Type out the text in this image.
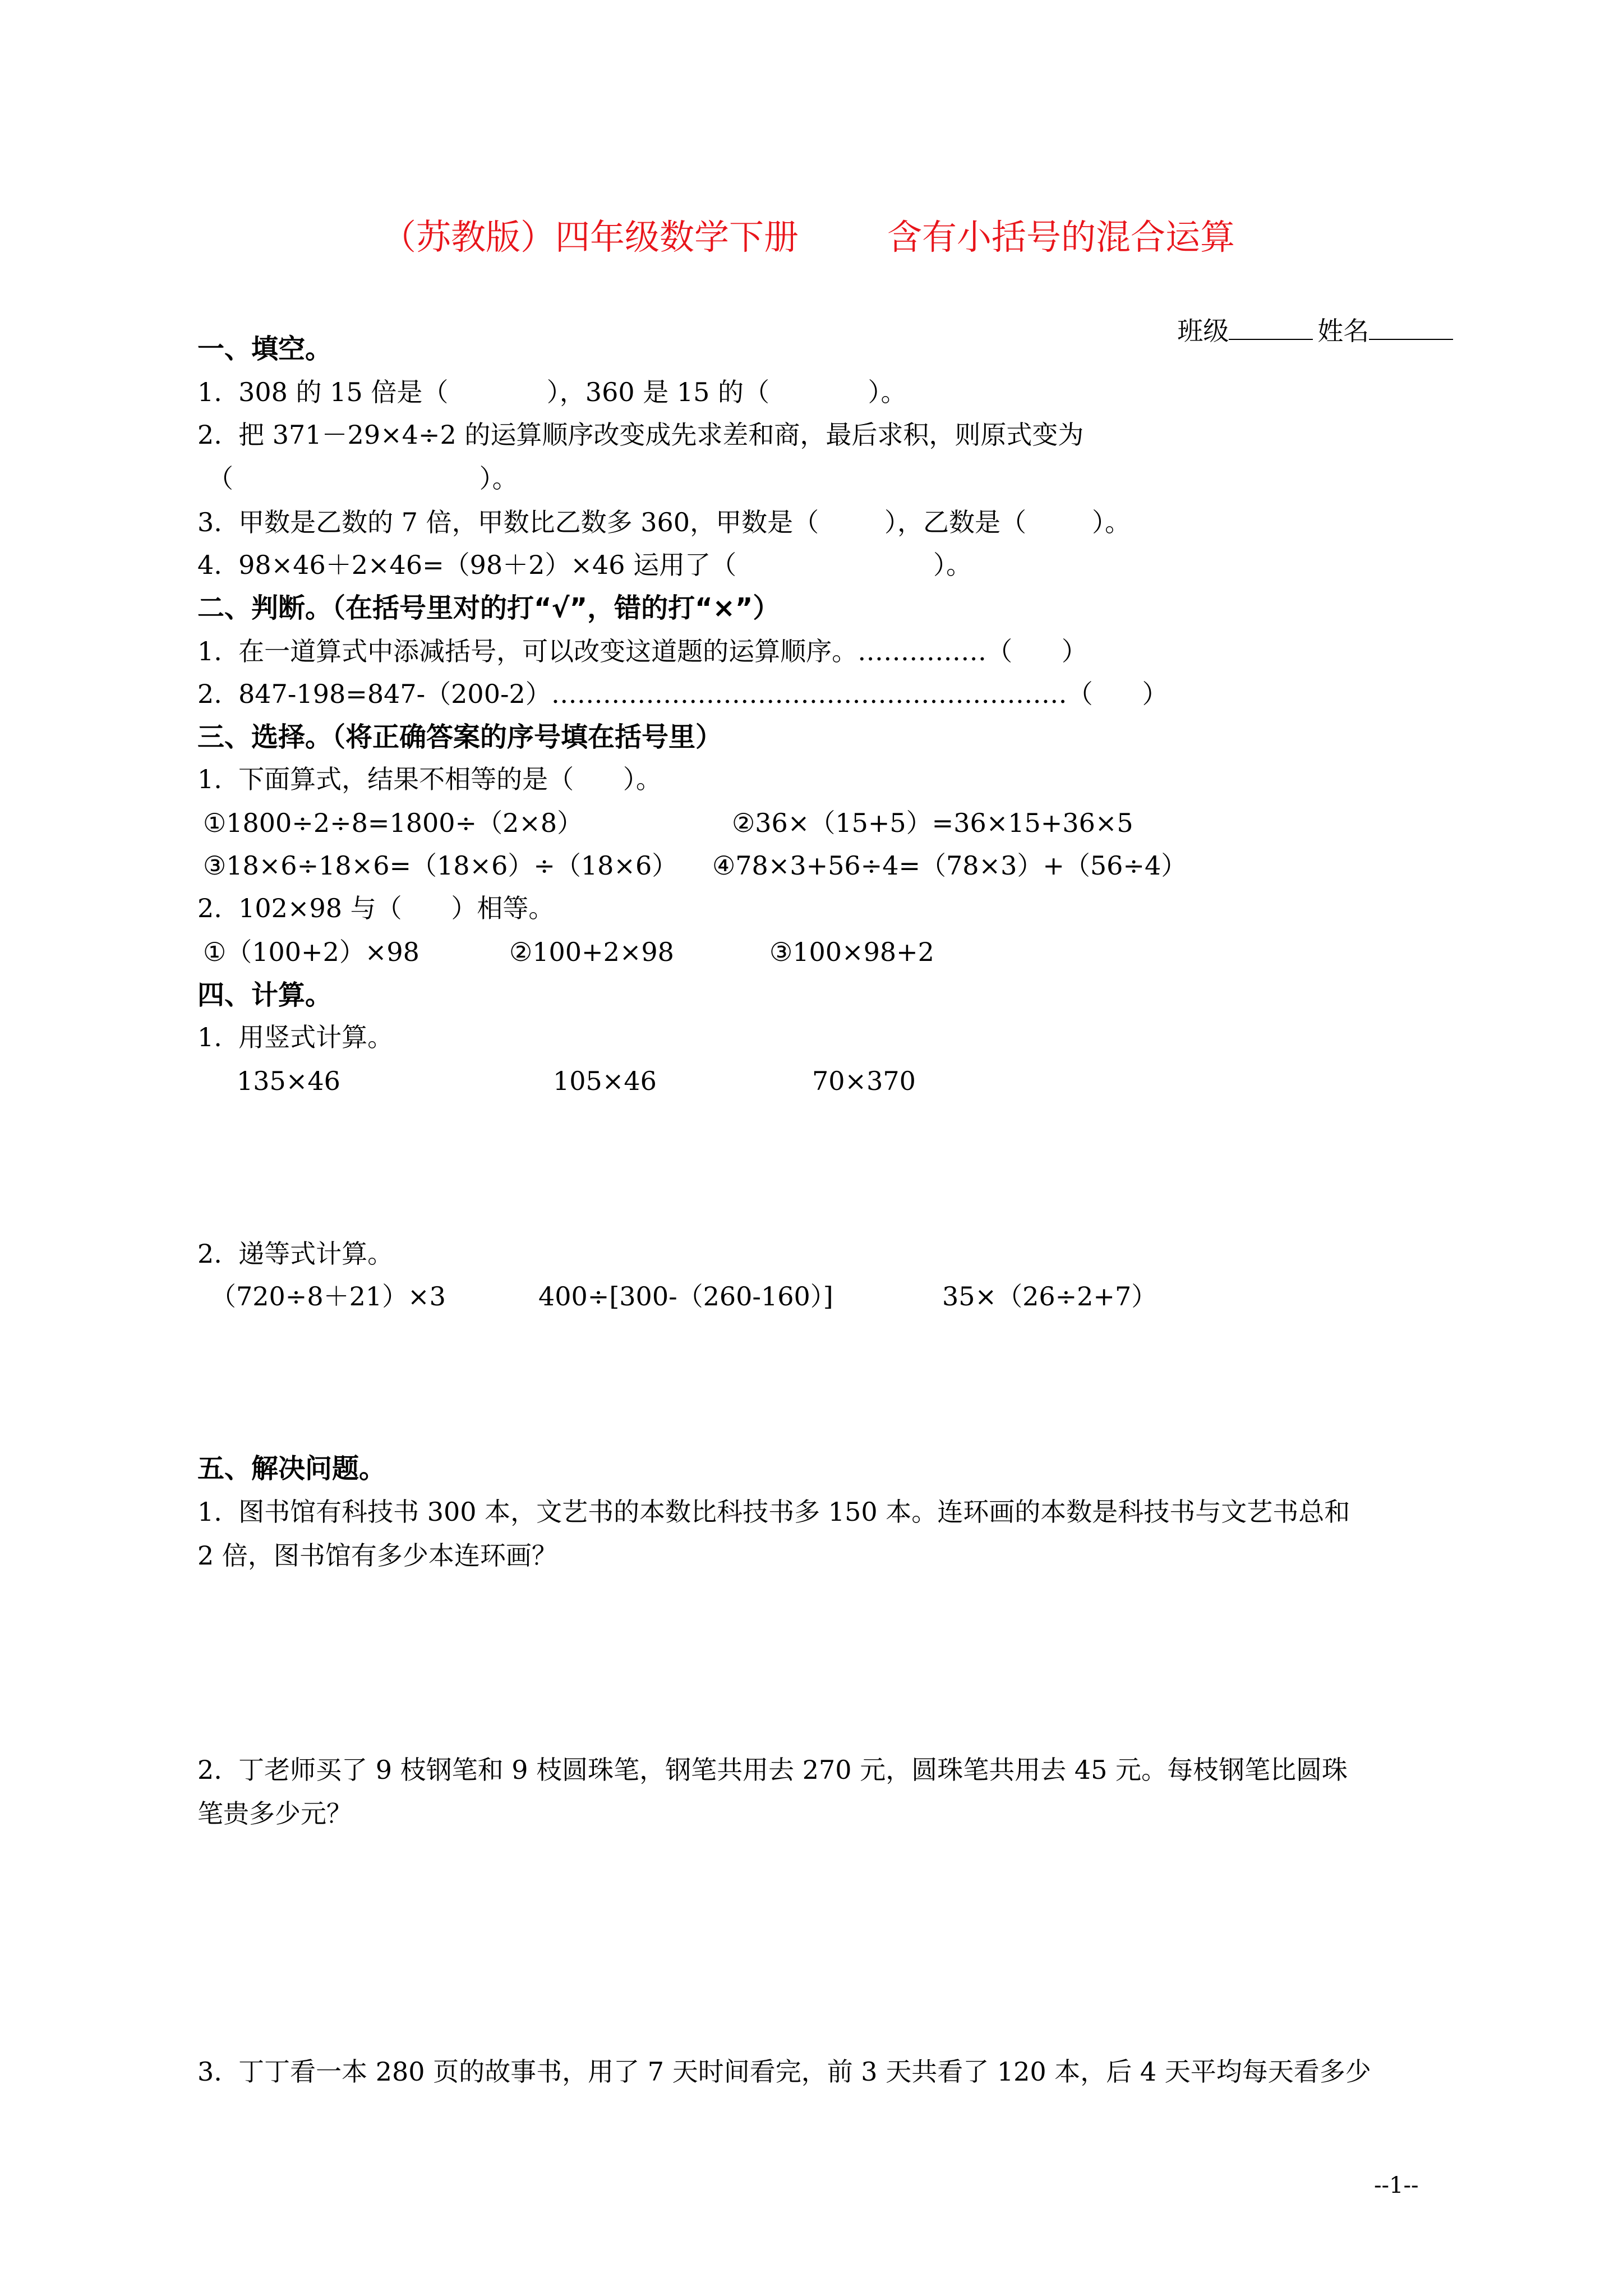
（苏教版）四年级数学下册	含有小括号的混合运算

班级	姓名

一、填空。
1.  308 的 15 倍是（            ），360 是 15 的（            ）。
2.  把 371－29×4÷2 的运算顺序改变成先求差和商，最后求积，则原式变为
（                              ）。
3.  甲数是乙数的 7 倍，甲数比乙数多 360，甲数是（        ），乙数是（        ）。
4.  98×46＋2×46=（98＋2）×46 运用了（                        ）。
二、判断。（在括号里对的打“√”，错的打“×”）
1.  在一道算式中添减括号，可以改变这道题的运算顺序。……………（      ）
2.  847-198=847-（200-2）……………………………………………………（      ）
三、选择。（将正确答案的序号填在括号里）
1.  下面算式，结果不相等的是（      ）。
①1800÷2÷8=1800÷（2×8）	②36×（15+5）=36×15+36×5
③18×6÷18×6=（18×6）÷（18×6） ④78×3+56÷4=（78×3）+（56÷4）
2.  102×98 与（      ）相等。
①（100+2）×98	②100+2×98	③100×98+2
四、计算。
1.  用竖式计算。
135×46	105×46	70×370
2.  递等式计算。
（720÷8＋21）×3	400÷[300-（260-160）]	35×（26÷2+7）
五、解决问题。
1.  图书馆有科技书 300 本，文艺书的本数比科技书多 150 本。连环画的本数是科技书与文艺书总和
2 倍，图书馆有多少本连环画？
2.  丁老师买了 9 枝钢笔和 9 枝圆珠笔，钢笔共用去 270 元，圆珠笔共用去 45 元。每枝钢笔比圆珠
笔贵多少元？
3.  丁丁看一本 280 页的故事书，用了 7 天时间看完，前 3 天共看了 120 本，后 4 天平均每天看多少
--1--
